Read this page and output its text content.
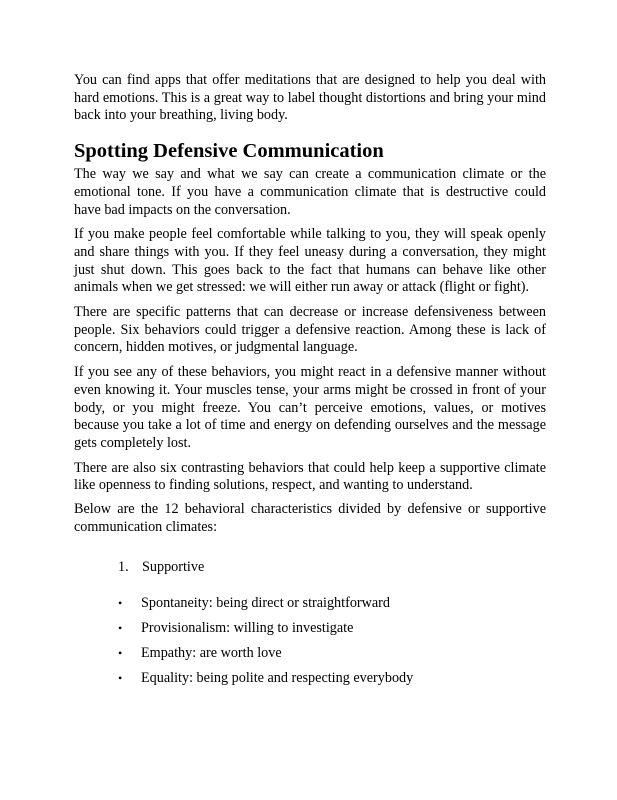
You can find apps that offer meditations that are designed to help you deal with hard emotions. This is a great way to label thought distortions and bring your mind back into your breathing, living body.

Spotting Defensive Communication

The way we say and what we say can create a communication climate or the emotional tone. If you have a communication climate that is destructive could have bad impacts on the conversation.

If you make people feel comfortable while talking to you, they will speak openly and share things with you. If they feel uneasy during a conversation, they might just shut down. This goes back to the fact that humans can behave like other animals when we get stressed: we will either run away or attack (flight or fight).

There are specific patterns that can decrease or increase defensiveness between people. Six behaviors could trigger a defensive reaction. Among these is lack of concern, hidden motives, or judgmental language.

If you see any of these behaviors, you might react in a defensive manner without even knowing it. Your muscles tense, your arms might be crossed in front of your body, or you might freeze. You can’t perceive emotions, values, or motives because you take a lot of time and energy on defending ourselves and the message gets completely lost.

There are also six contrasting behaviors that could help keep a supportive climate like openness to finding solutions, respect, and wanting to understand.

Below are the 12 behavioral characteristics divided by defensive or supportive communication climates:

1. Supportive
•	Spontaneity: being direct or straightforward
•	Provisionalism: willing to investigate
•	Empathy: are worth love
•	Equality: being polite and respecting everybody
